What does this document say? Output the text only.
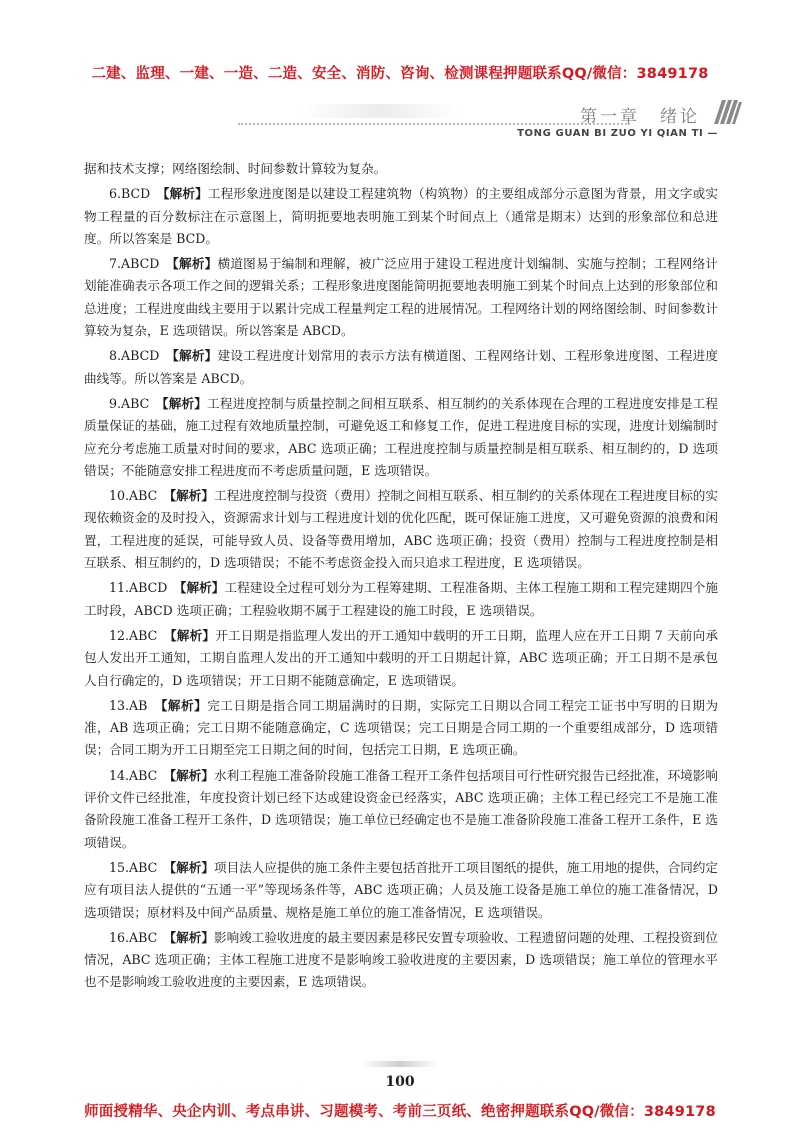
二建、监理、一建、一造、二造、安全、消防、咨询、检测课程押题联系QQ/微信：3849178
第一章　绪论
TONG GUAN BI ZUO YI QIAN TI —
据和技术支撑；网络图绘制、时间参数计算较为复杂。
6.BCD　 【解析】工程形象进度图是以建设工程建筑物（构筑物）的主要组成部分示意图为背景，用文字或实物工程量的百分数标注在示意图上，简明扼要地表明施工到某个时间点上（通常是期末）达到的形象部位和总进度。所以答案是 BCD。
7.ABCD　 【解析】横道图易于编制和理解，被广泛应用于建设工程进度计划编制、实施与控制；工程网络计划能准确表示各项工作之间的逻辑关系；工程形象进度图能简明扼要地表明施工到某个时间点上达到的形象部位和总进度；工程进度曲线主要用于以累计完成工程量判定工程的进展情况。工程网络计划的网络图绘制、时间参数计算较为复杂，E 选项错误。所以答案是 ABCD。
8.ABCD　 【解析】建设工程进度计划常用的表示方法有横道图、工程网络计划、工程形象进度图、工程进度曲线等。所以答案是 ABCD。
9.ABC　 【解析】工程进度控制与质量控制之间相互联系、相互制约的关系体现在合理的工程进度安排是工程质量保证的基础，施工过程有效地质量控制，可避免返工和修复工作，促进工程进度目标的实现，进度计划编制时应充分考虑施工质量对时间的要求，ABC 选项正确；工程进度控制与质量控制是相互联系、相互制约的，D 选项错误；不能随意安排工程进度而不考虑质量问题，E 选项错误。
10.ABC　 【解析】工程进度控制与投资（费用）控制之间相互联系、相互制约的关系体现在工程进度目标的实现依赖资金的及时投入，资源需求计划与工程进度计划的优化匹配，既可保证施工进度，又可避免资源的浪费和闲置，工程进度的延误，可能导致人员、设备等费用增加，ABC 选项正确；投资（费用）控制与工程进度控制是相互联系、相互制约的，D 选项错误；不能不考虑资金投入而只追求工程进度，E 选项错误。
11.ABCD　 【解析】工程建设全过程可划分为工程筹建期、工程准备期、主体工程施工期和工程完建期四个施工时段，ABCD 选项正确；工程验收期不属于工程建设的施工时段，E 选项错误。
12.ABC　 【解析】开工日期是指监理人发出的开工通知中载明的开工日期，监理人应在开工日期 7 天前向承包人发出开工通知，工期自监理人发出的开工通知中载明的开工日期起计算，ABC 选项正确；开工日期不是承包人自行确定的，D 选项错误；开工日期不能随意确定，E 选项错误。
13.AB　 【解析】完工日期是指合同工期届满时的日期，实际完工日期以合同工程完工证书中写明的日期为准，AB 选项正确；完工日期不能随意确定，C 选项错误；完工日期是合同工期的一个重要组成部分，D 选项错误；合同工期为开工日期至完工日期之间的时间，包括完工日期，E 选项正确。
14.ABC　 【解析】水利工程施工准备阶段施工准备工程开工条件包括项目可行性研究报告已经批准，环境影响评价文件已经批准，年度投资计划已经下达或建设资金已经落实，ABC 选项正确；主体工程已经完工不是施工准备阶段施工准备工程开工条件，D 选项错误；施工单位已经确定也不是施工准备阶段施工准备工程开工条件，E 选项错误。
15.ABC　 【解析】项目法人应提供的施工条件主要包括首批开工项目图纸的提供，施工用地的提供，合同约定应有项目法人提供的“五通一平”等现场条件等，ABC 选项正确；人员及施工设备是施工单位的施工准备情况，D 选项错误；原材料及中间产品质量、规格是施工单位的施工准备情况，E 选项错误。
16.ABC　 【解析】影响竣工验收进度的最主要因素是移民安置专项验收、工程遗留问题的处理、工程投资到位情况，ABC 选项正确；主体工程施工进度不是影响竣工验收进度的主要因素，D 选项错误；施工单位的管理水平也不是影响竣工验收进度的主要因素，E 选项错误。
100
师面授精华、央企内训、考点串讲、习题模考、考前三页纸、绝密押题联系QQ/微信：3849178
